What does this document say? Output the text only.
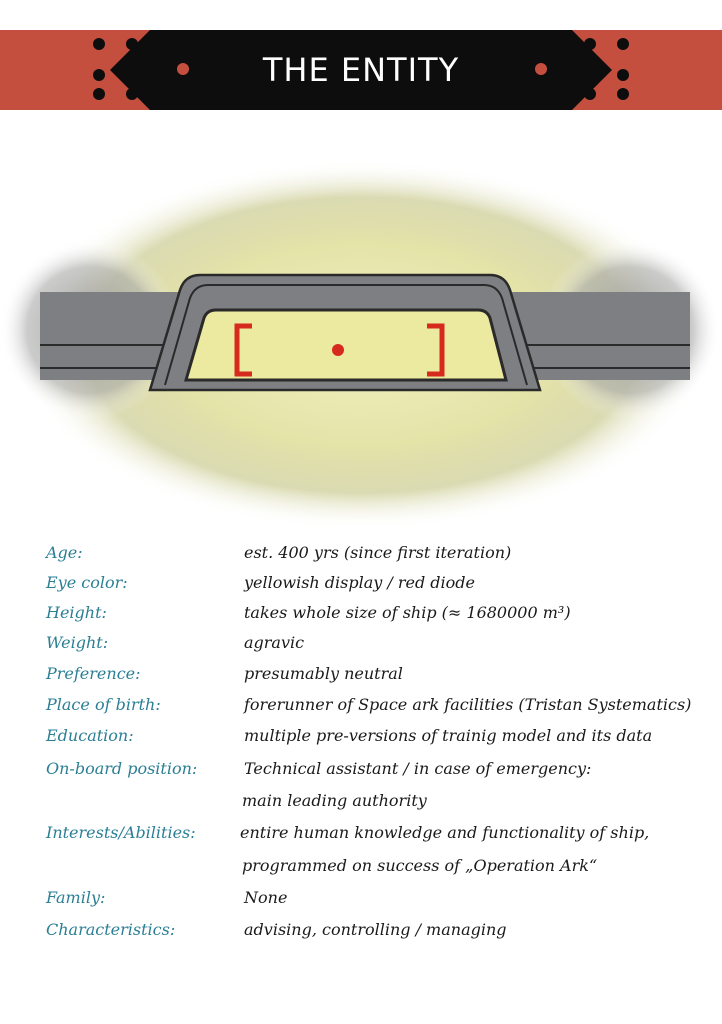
THE ENTITY
Age:	est. 400 yrs (since first iteration)
Eye color:	yellowish display / red diode
Height:	takes whole size of ship (≈ 1680000 m³)
Weight:	agravic
Preference:	presumably neutral
Place of birth:	forerunner of Space ark facilities (Tristan Systematics)
Education:	multiple pre-versions of trainig model and its data
On-board position:	Technical assistant / in case of emergency:
main leading authority
Interests/Abilities:	entire human knowledge and functionality of ship,
programmed on success of „Operation Ark“
Family:	None
Characteristics:	advising, controlling / managing
